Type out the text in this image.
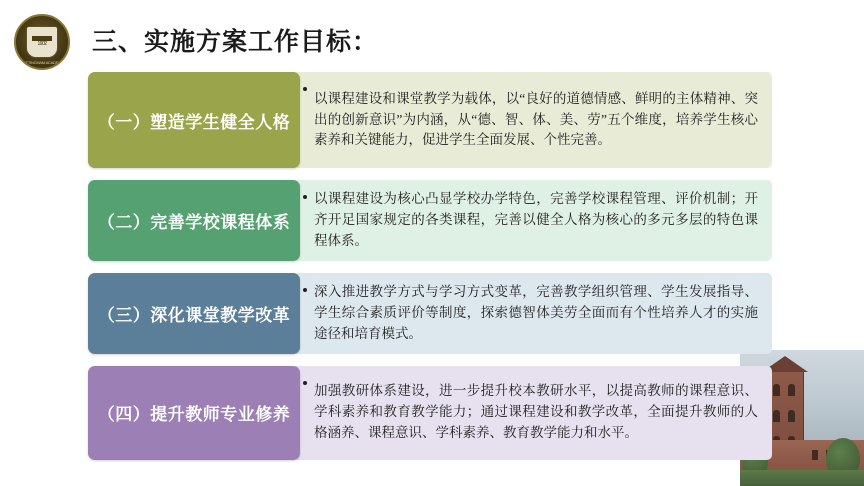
1902
NOTTINGHAM ACADEMY
三、实施方案工作目标：
（一）塑造学生健全人格
以课程建设和课堂教学为载体，以“良好的道德情感、鲜明的主体精神、突出的创新意识”为内涵，从“德、智、体、美、劳”五个维度，培养学生核心素养和关键能力，促进学生全面发展、个性完善。
（二）完善学校课程体系
以课程建设为核心凸显学校办学特色，完善学校课程管理、评价机制；开齐开足国家规定的各类课程，完善以健全人格为核心的多元多层的特色课程体系。
（三）深化课堂教学改革
深入推进教学方式与学习方式变革，完善教学组织管理、学生发展指导、学生综合素质评价等制度，探索德智体美劳全面而有个性培养人才的实施途径和培育模式。
（四）提升教师专业修养
加强教研体系建设，进一步提升校本教研水平，以提高教师的课程意识、学科素养和教育教学能力；通过课程建设和教学改革，全面提升教师的人格涵养、课程意识、学科素养、教育教学能力和水平。
